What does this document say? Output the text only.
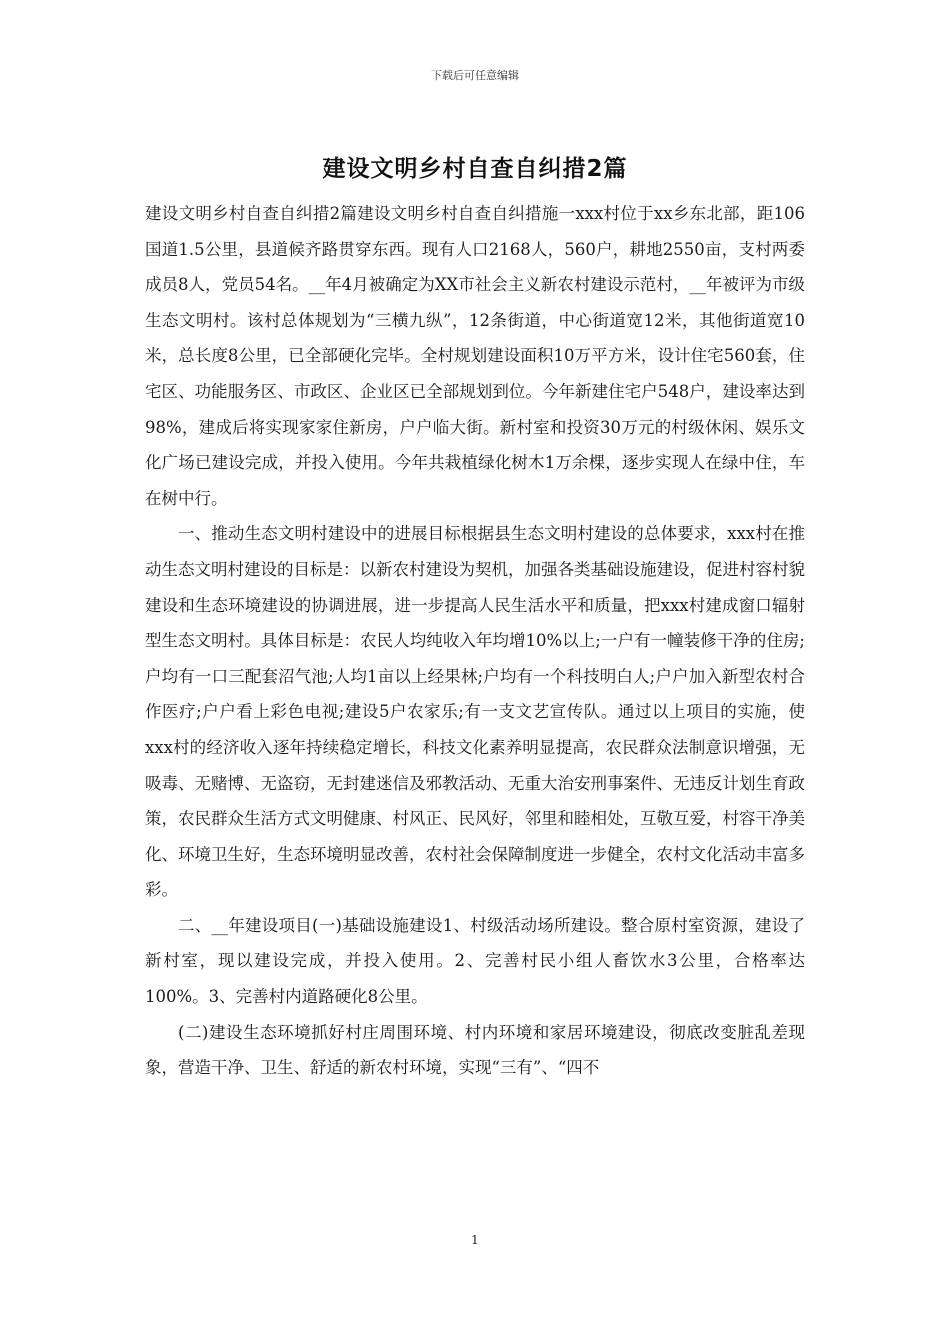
下载后可任意编辑
建设文明乡村自查自纠措2篇

建设文明乡村自查自纠措2篇建设文明乡村自查自纠措施一xxx村位于xx乡东北部，距106国道1.5公里，县道候齐路贯穿东西。现有人口2168人，560户，耕地2550亩，支村两委成员8人，党员54名。__年4月被确定为XX市社会主义新农村建设示范村，__年被评为市级生态文明村。该村总体规划为“三横九纵”，12条街道，中心街道宽12米，其他街道宽10米，总长度8公里，已全部硬化完毕。全村规划建设面积10万平方米，设计住宅560套，住宅区、功能服务区、市政区、企业区已全部规划到位。今年新建住宅户548户，建设率达到98%，建成后将实现家家住新房，户户临大街。新村室和投资30万元的村级休闲、娱乐文化广场已建设完成，并投入使用。今年共栽植绿化树木1万余棵，逐步实现人在绿中住，车在树中行。

一、推动生态文明村建设中的进展目标根据县生态文明村建设的总体要求，xxx村在推动生态文明村建设的目标是：以新农村建设为契机，加强各类基础设施建设，促进村容村貌建设和生态环境建设的协调进展，进一步提高人民生活水平和质量，把xxx村建成窗口辐射型生态文明村。具体目标是：农民人均纯收入年均增10%以上;一户有一幢装修干净的住房;户均有一口三配套沼气池;人均1亩以上经果林;户均有一个科技明白人;户户加入新型农村合作医疗;户户看上彩色电视;建设5户农家乐;有一支文艺宣传队。通过以上项目的实施，使xxx村的经济收入逐年持续稳定增长，科技文化素养明显提高，农民群众法制意识增强，无吸毒、无赌博、无盗窃，无封建迷信及邪教活动、无重大治安刑事案件、无违反计划生育政策，农民群众生活方式文明健康、村风正、民风好，邻里和睦相处，互敬互爱，村容干净美化、环境卫生好，生态环境明显改善，农村社会保障制度进一步健全，农村文化活动丰富多彩。

二、__年建设项目(一)基础设施建设1、村级活动场所建设。整合原村室资源，建设了新村室，现以建设完成，并投入使用。2、完善村民小组人畜饮水3公里，合格率达100%。3、完善村内道路硬化8公里。

(二)建设生态环境抓好村庄周围环境、村内环境和家居环境建设，彻底改变脏乱差现象，营造干净、卫生、舒适的新农村环境，实现“三有”、“四不

1
